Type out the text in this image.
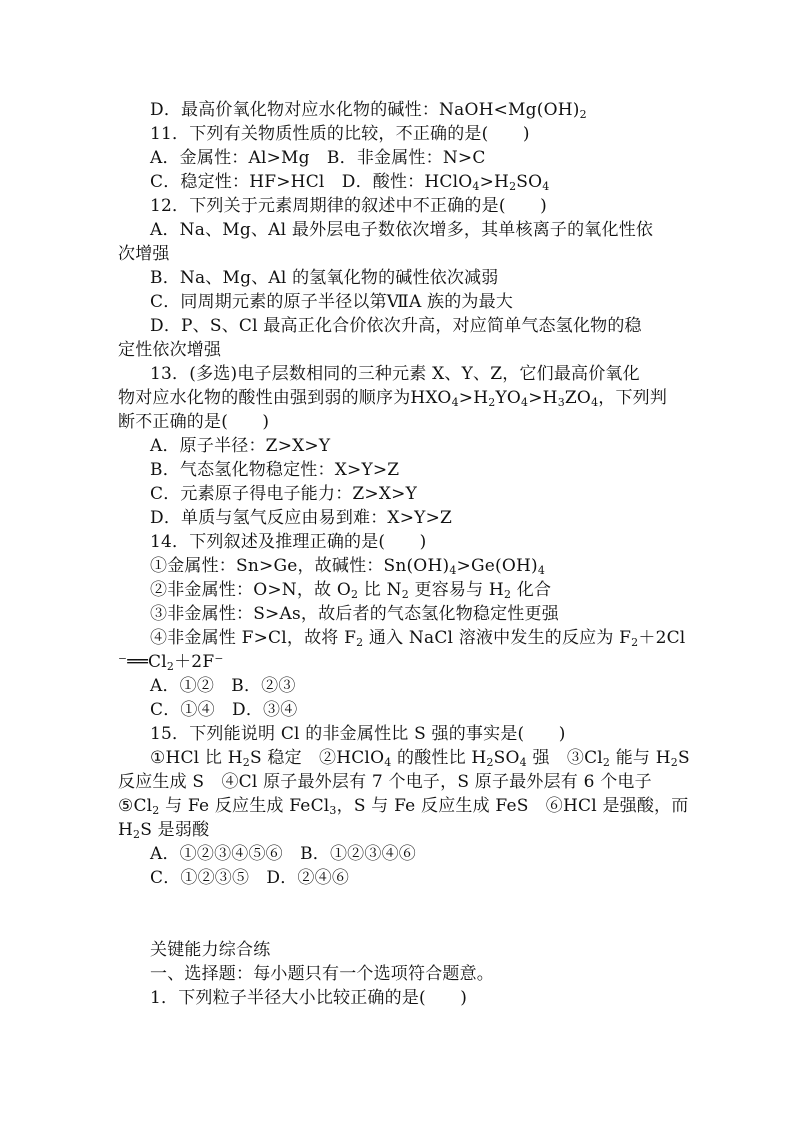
D．最高价氧化物对应水化物的碱性：$NaOH<Mg(OH)_2$
11．下列有关物质性质的比较，不正确的是(　　)
A．金属性：Al>Mg　B．非金属性：N>C
C．稳定性：HF>HCl　D．酸性：$HClO_4>H_2SO_4$
12．下列关于元素周期律的叙述中不正确的是(　　)
A．Na、Mg、Al 最外层电子数依次增多，其单核离子的氧化性依
次增强
B．Na、Mg、Al 的氢氧化物的碱性依次减弱
C．同周期元素的原子半径以第ⅦA 族的为最大
D．P、S、Cl 最高正化合价依次升高，对应简单气态氢化物的稳
定性依次增强
13．(多选)电子层数相同的三种元素 X、Y、Z，它们最高价氧化
物对应水化物的酸性由强到弱的顺序为$HXO_4>H_2YO_4>H_3ZO_4$，下列判
断不正确的是(　　)
A．原子半径：Z>X>Y
B．气态氢化物稳定性：X>Y>Z
C．元素原子得电子能力：Z>X>Y
D．单质与氢气反应由易到难：X>Y>Z
14．下列叙述及推理正确的是(　　)
①金属性：Sn>Ge，故碱性：$Sn(OH)_4>Ge(OH)_4$
②非金属性：O>N，故 $O_2$ 比 $N_2$ 更容易与 $H_2$ 化合
③非金属性：S>As，故后者的气态氢化物稳定性更强
④非金属性 F>Cl，故将 $F_2$ 通入 NaCl 溶液中发生的反应为 $F_2+2Cl$
$^-══Cl_2+2F^-$
A．①②　B．②③
C．①④　D．③④
15．下列能说明 Cl 的非金属性比 S 强的事实是(　　)
①HCl 比 $H_2S$ 稳定　②HClO$_4$ 的酸性比 $H_2SO_4$ 强　$③Cl_2$ 能与 $H_2S$
反应生成 S　④Cl 原子最外层有 7 个电子，S 原子最外层有 6 个电子
$⑤Cl_2$ 与 Fe 反应生成 FeCl$_3$，S 与 Fe 反应生成 FeS　⑥HCl 是强酸，而
$H_2S$ 是弱酸
A．①②③④⑤⑥　B．①②③④⑥
C．①②③⑤　D．②④⑥
关键能力综合练
一、选择题：每小题只有一个选项符合题意。
1．下列粒子半径大小比较正确的是(　　)
